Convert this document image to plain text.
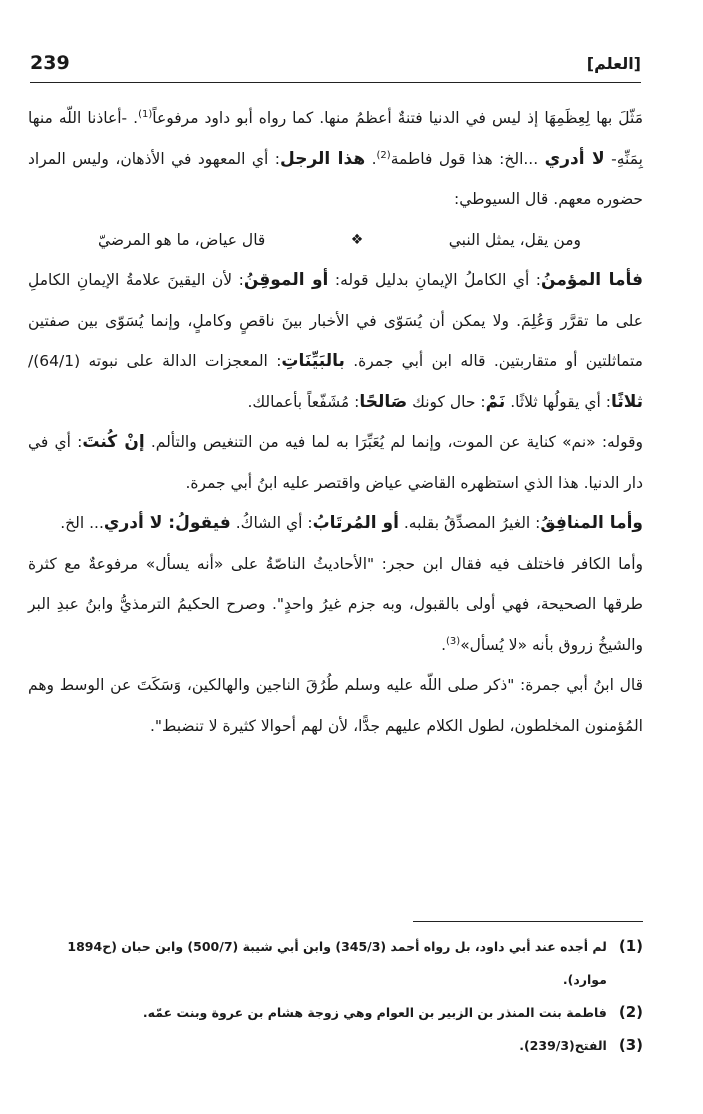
239	[العلم]

مَثّلَ بها لِعِظَمِهَا إذ ليس في الدنيا فتنةٌ أعظمُ منها. كما رواه أبو داود مرفوعاً$^{(1)}$. -أعاذنا اللّه منها بِمَنِّهِ- لا أدري ...الخ: هذا قول فاطمة$^{(2)}$. هذا الرجل: أي المعهود في الأذهان، وليس المراد حضوره معهم. قال السيوطي:

ومن يقل، يمثل النبي
❖
قال عياض، ما هو المرضيّ

فأما المؤمنُ: أي الكاملُ الإيمانِ بدليل قوله: أو الموقِنُ: لأن اليقينَ علامةُ الإيمانِ الكاملِ على ما تقرَّر وَعُلِمَ. ولا يمكن أن يُسَوّى في الأخبار بينَ ناقصٍ وكاملٍ، وإنما يُسَوّى بين صفتين متماثلتين أو متقاربتين. قاله ابن أبي جمرة. بالبَيِّنَاتِ: المعجزات الدالة على نبوته (64/1)/ ثلاثًا: أي يقولُها ثلاثًا. نَمْ: حال كونك صَالحًا: مُشَفّعاً بأعمالك.

وقوله: «نم» كناية عن الموت، وإنما لم يُعَبِّرَا به لما فيه من التنغيص والتألم. إنْ كُنتَ: أي في دار الدنيا. هذا الذي استظهره القاضي عياض واقتصر عليه ابنُ أبي جمرة.

وأما المنافِقُ: الغيرُ المصدِّقُ بقلبه. أو المُرتَابُ: أي الشاكُ. فيقولُ: لا أدري... الخ.

وأما الكافر فاختلف فيه فقال ابن حجر: "الأحاديثُ الناصّةُ على «أنه يسأل» مرفوعةٌ مع كثرة طرقها الصحيحة، فهي أولى بالقبول، وبه جزم غيرُ واحدٍ". وصرح الحكيمُ الترمذيُّ وابنُ عبدِ البر والشيخُ زروق بأنه «لا يُسأل»$^{(3)}$.

قال ابنُ أبي جمرة: "ذكر صلى اللّه عليه وسلم طُرُقَ الناجين والهالكين، وَسَكَتَ عن الوسط وهم المُؤمنون المخلطون، لطول الكلام عليهم جدًّا، لأن لهم أحوالا كثيرة لا تنضبط".

(1)
لم أجده عند أبي داود، بل رواه أحمد (345/3) وابن أبي شيبة (500/7) وابن حبان (ح1894 موارد).
(2)
فاطمة بنت المنذر بن الزبير بن العوام وهي زوجة هشام بن عروة وبنت عمّه.
(3)
الفتح(239/3).
